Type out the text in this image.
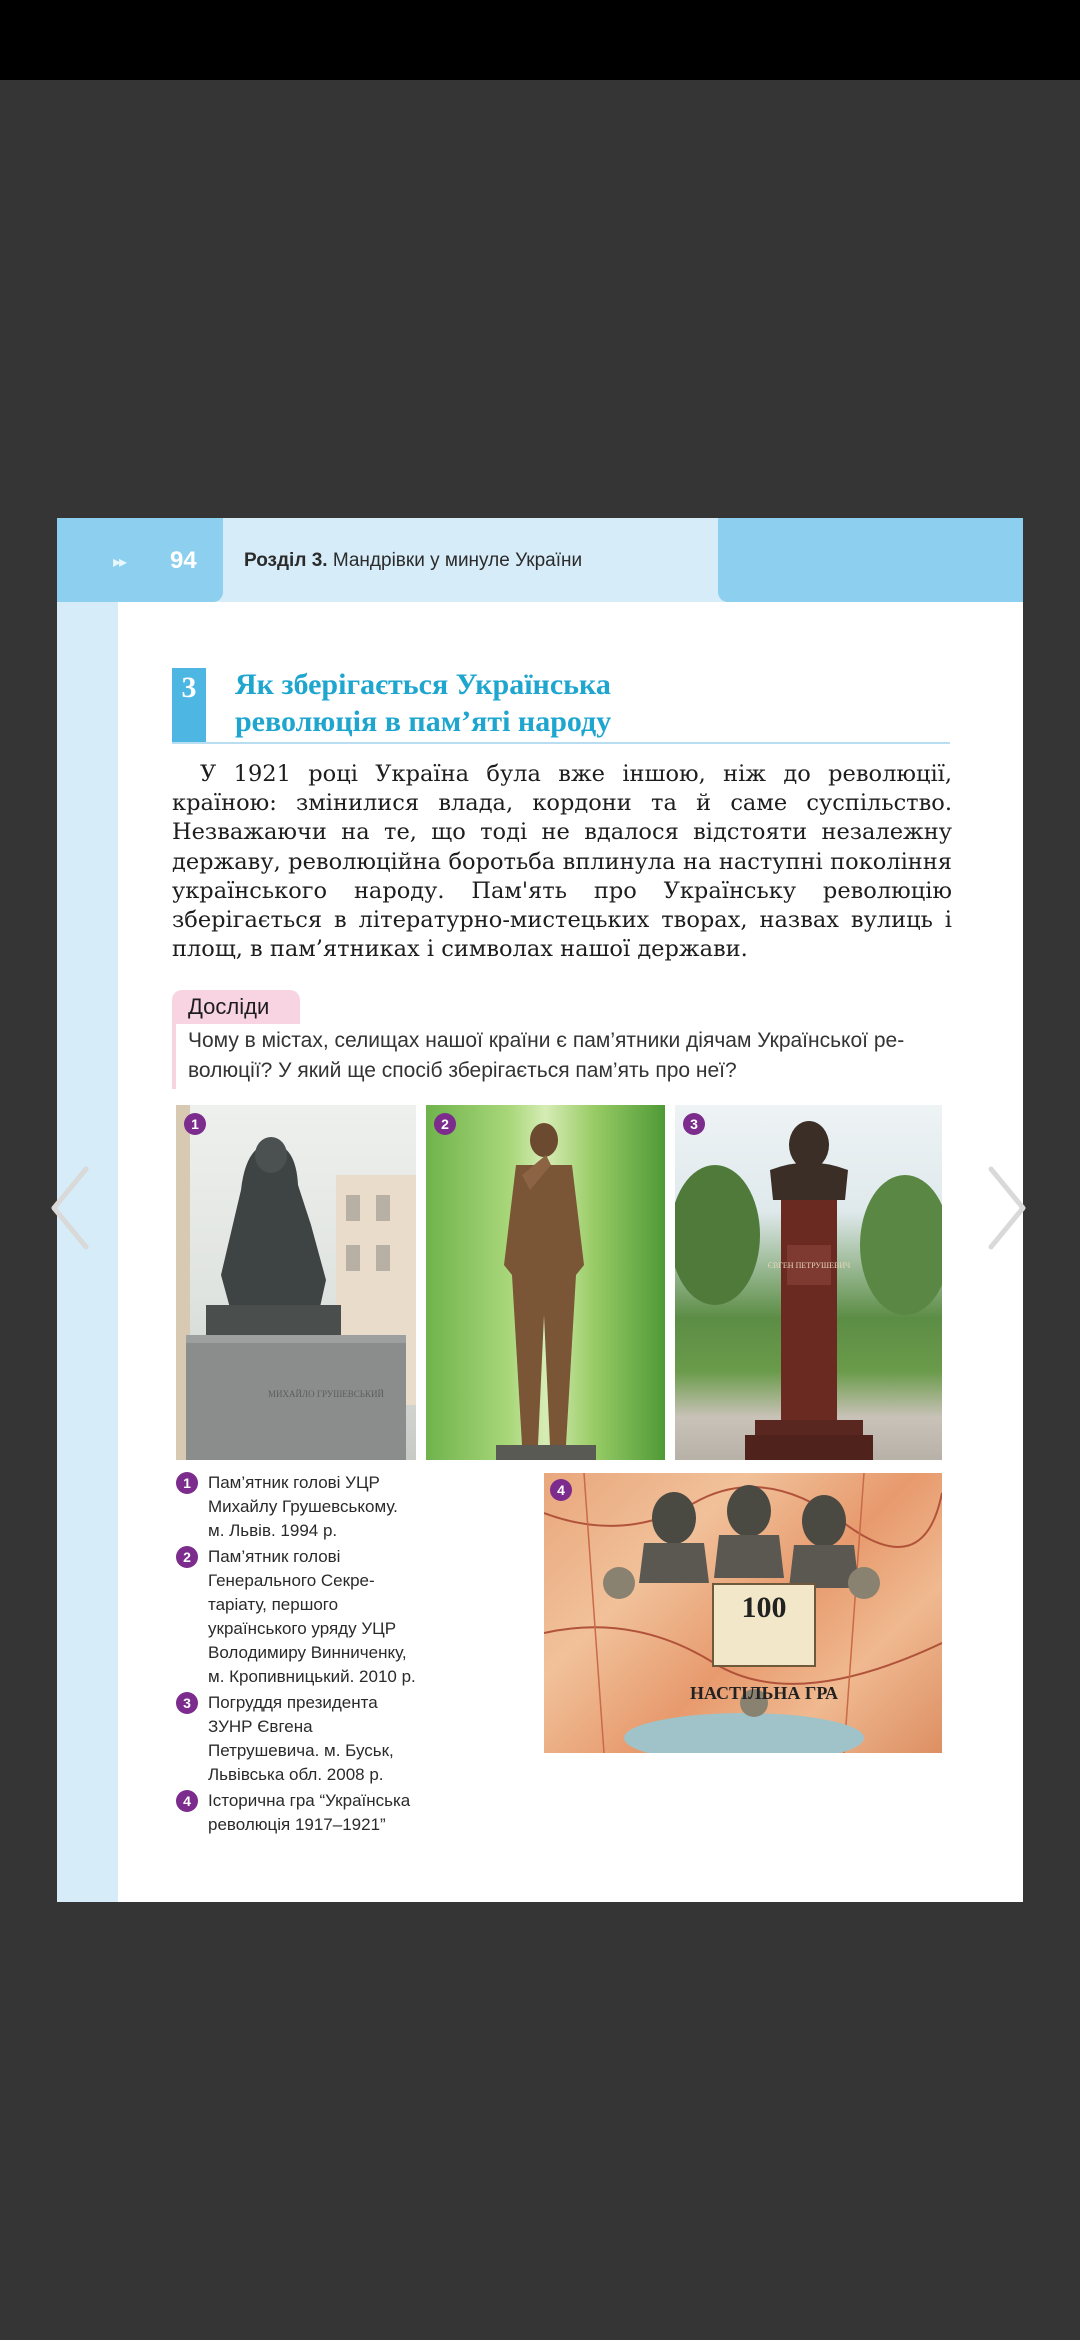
▸▸ 94 Розділ 3. Мандрівки у минуле України
3	Як зберігається Українська
революція в пам’яті народу

У 1921 році Україна була вже іншою, ніж до революції, країною: змінилися влада, кордони та й саме суспільство. Незважаючи на те, що тоді не вдалося відстояти незалежну державу, революційна боротьба вплинула на наступні покоління українського народу. Пам'ять про Українську революцію зберігається в літературно-мистецьких творах, назвах вулиць і площ, в пам’ятниках і символах нашої держави.

Досліди
Чому в містах, селищах нашої країни є пам’ятники діячам Української революції? У який ще спосіб зберігається пам’ять про неї?
МИХАЙЛО ГРУШЕВСЬКИЙ
1	2
ЄВГЕН ПЕТРУШЕВИЧ
3
1	Пам’ятник голові УЦР Михайлу Грушевському. м. Львів. 1994 р.
2	Пам’ятник голові Генерального Секретаріату, першого українського уряду УЦР Володимиру Винниченку, м. Кропивницький. 2010 р.
3	Погруддя президента ЗУНР Євгена Петрушевича. м. Буськ, Львівська обл. 2008 р.
4	Історична гра “Українська революція 1917–1921”
100
НАСТІЛЬНА ГРА
4
